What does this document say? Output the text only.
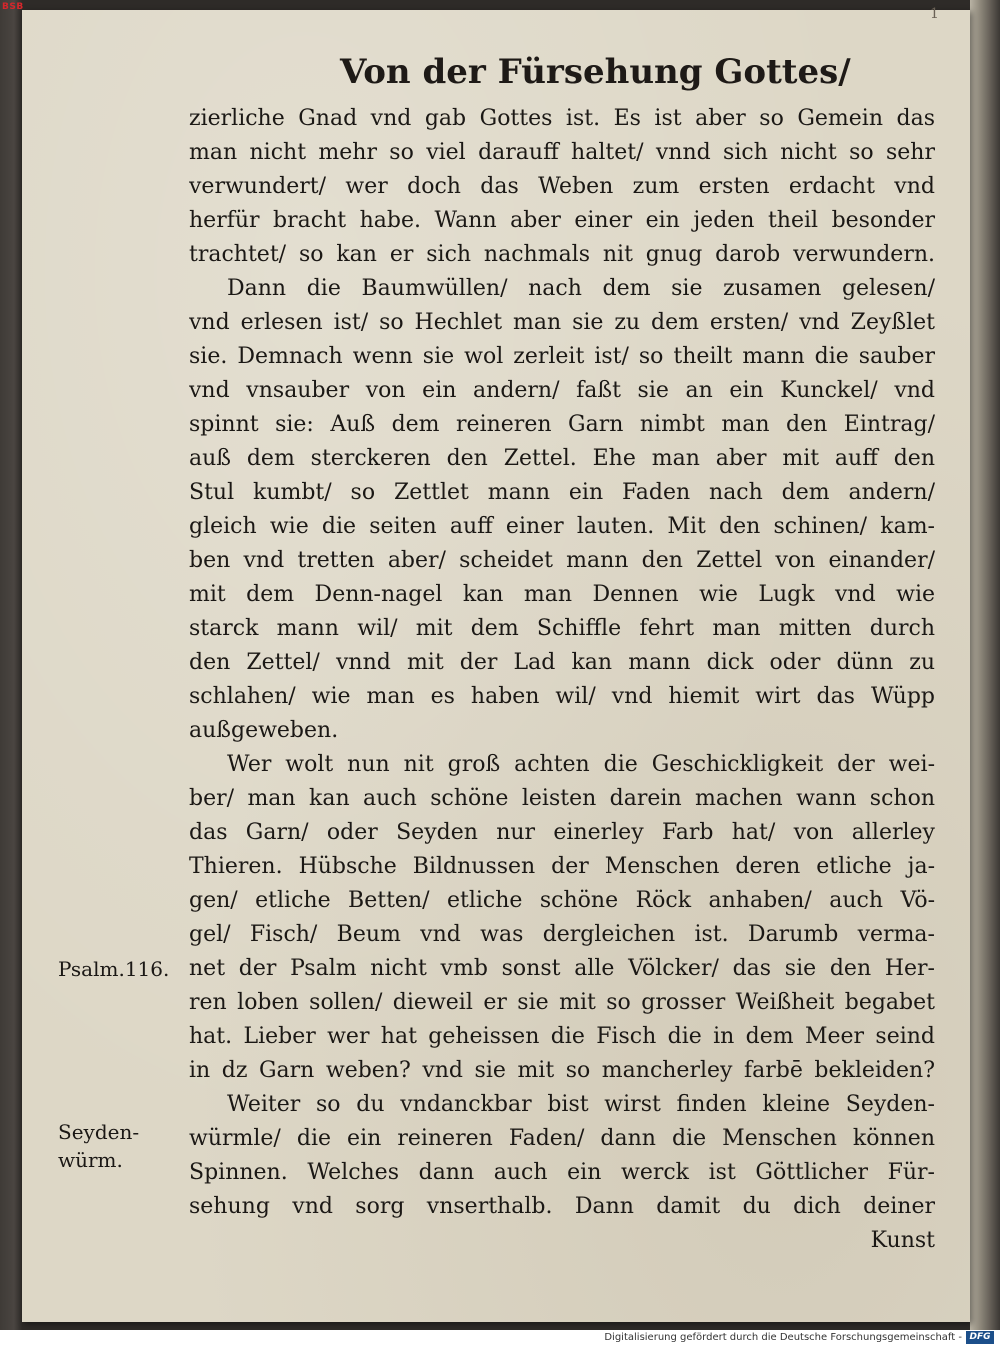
BSB	1
Von der Fürsehung Gottes/
zierliche Gnad vnd gab Gottes ist. Es ist aber so Gemein das
man nicht mehr so viel darauff haltet/ vnnd sich nicht so sehr
verwundert/ wer doch das Weben zum ersten erdacht vnd
herfür bracht habe. Wann aber einer ein jeden theil besonder
trachtet/ so kan er sich nachmals nit gnug darob verwundern.
Dann die Baumwüllen/ nach dem sie zusamen gelesen/
vnd erlesen ist/ so Hechlet man sie zu dem ersten/ vnd Zeyßlet
sie. Demnach wenn sie wol zerleit ist/ so theilt mann die sauber
vnd vnsauber von ein andern/ faßt sie an ein Kunckel/ vnd
spinnt sie: Auß dem reineren Garn nimbt man den Eintrag/
auß dem sterckeren den Zettel. Ehe man aber mit auff den
Stul kumbt/ so Zettlet mann ein Faden nach dem andern/
gleich wie die seiten auff einer lauten. Mit den schinen/ kam-
ben vnd tretten aber/ scheidet mann den Zettel von einander/
mit dem Denn-nagel kan man Dennen wie Lugk vnd wie
starck mann wil/ mit dem Schiffle fehrt man mitten durch
den Zettel/ vnnd mit der Lad kan mann dick oder dünn zu
schlahen/ wie man es haben wil/ vnd hiemit wirt das Wüpp
außgeweben.
Wer wolt nun nit groß achten die Geschickligkeit der wei-
ber/ man kan auch schöne leisten darein machen wann schon
das Garn/ oder Seyden nur einerley Farb hat/ von allerley
Thieren. Hübsche Bildnussen der Menschen deren etliche ja-
gen/ etliche Betten/ etliche schöne Röck anhaben/ auch Vö-
gel/ Fisch/ Beum vnd was dergleichen ist. Darumb verma-
net der Psalm nicht vmb sonst alle Völcker/ das sie den Her-
ren loben sollen/ dieweil er sie mit so grosser Weißheit begabet
hat. Lieber wer hat geheissen die Fisch die in dem Meer seind
in dz Garn weben? vnd sie mit so mancherley farbē bekleiden?
Weiter so du vndanckbar bist wirst finden kleine Seyden-
würmle/ die ein reineren Faden/ dann die Menschen können
Spinnen. Welches dann auch ein werck ist Göttlicher Für-
sehung vnd sorg vnserthalb. Dann damit du dich deiner
Kunst
Psalm.116.
Seyden-
würm.
Digitalisierung gefördert durch die Deutsche Forschungsgemeinschaft - DFG
